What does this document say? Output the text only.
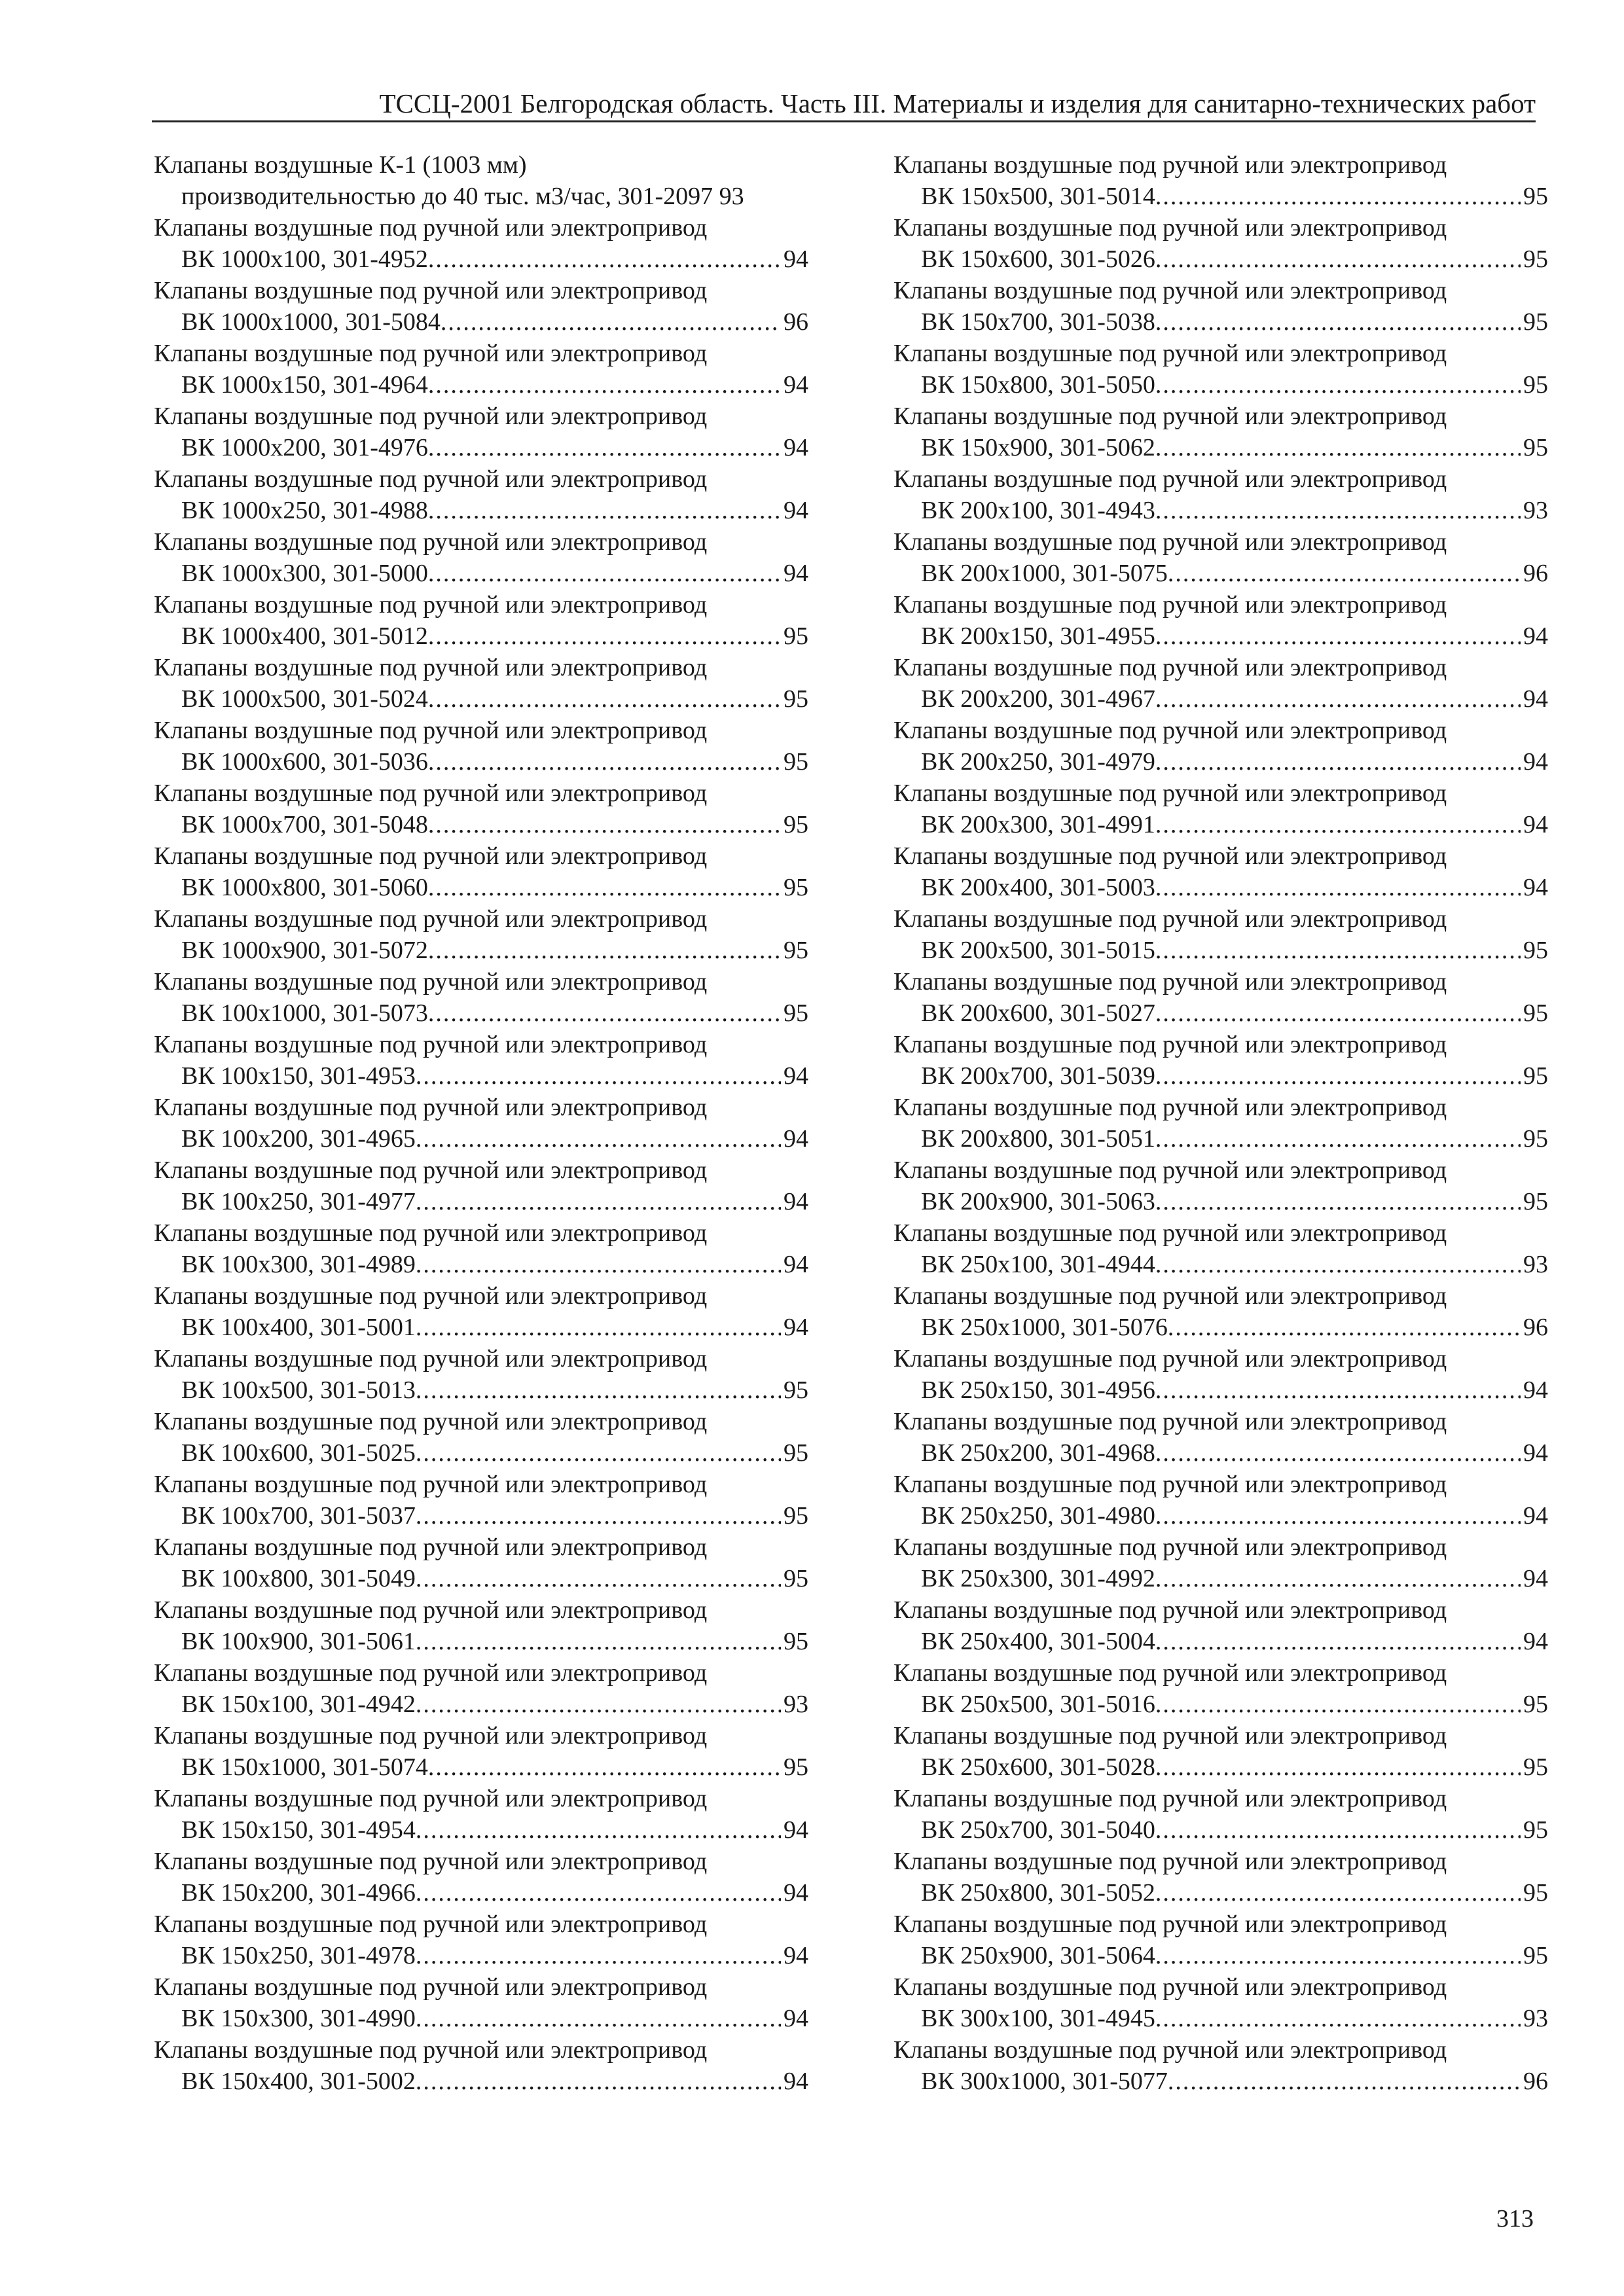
ТССЦ-2001 Белгородская область. Часть III. Материалы и изделия для санитарно-технических работ
Клапаны воздушные К-1 (1003 мм)
производительностью до 40 тыс. м3/час, 301-2097 93
Клапаны воздушные под ручной или электропривод
ВК 1000х100, 301-4952 .....	94
Клапаны воздушные под ручной или электропривод
ВК 1000х1000, 301-5084 .....	96
Клапаны воздушные под ручной или электропривод
ВК 1000х150, 301-4964 .....	94
Клапаны воздушные под ручной или электропривод
ВК 1000х200, 301-4976 .....	94
Клапаны воздушные под ручной или электропривод
ВК 1000х250, 301-4988 .....	94
Клапаны воздушные под ручной или электропривод
ВК 1000х300, 301-5000 .....	94
Клапаны воздушные под ручной или электропривод
ВК 1000х400, 301-5012 .....	95
Клапаны воздушные под ручной или электропривод
ВК 1000х500, 301-5024 .....	95
Клапаны воздушные под ручной или электропривод
ВК 1000х600, 301-5036 .....	95
Клапаны воздушные под ручной или электропривод
ВК 1000х700, 301-5048 .....	95
Клапаны воздушные под ручной или электропривод
ВК 1000х800, 301-5060 .....	95
Клапаны воздушные под ручной или электропривод
ВК 1000х900, 301-5072 .....	95
Клапаны воздушные под ручной или электропривод
ВК 100х1000, 301-5073 .....	95
Клапаны воздушные под ручной или электропривод
ВК 100х150, 301-4953 .....	94
Клапаны воздушные под ручной или электропривод
ВК 100х200, 301-4965 .....	94
Клапаны воздушные под ручной или электропривод
ВК 100х250, 301-4977 .....	94
Клапаны воздушные под ручной или электропривод
ВК 100х300, 301-4989 .....	94
Клапаны воздушные под ручной или электропривод
ВК 100х400, 301-5001 .....	94
Клапаны воздушные под ручной или электропривод
ВК 100х500, 301-5013 .....	95
Клапаны воздушные под ручной или электропривод
ВК 100х600, 301-5025 .....	95
Клапаны воздушные под ручной или электропривод
ВК 100х700, 301-5037 .....	95
Клапаны воздушные под ручной или электропривод
ВК 100х800, 301-5049 .....	95
Клапаны воздушные под ручной или электропривод
ВК 100х900, 301-5061 .....	95
Клапаны воздушные под ручной или электропривод
ВК 150х100, 301-4942 .....	93
Клапаны воздушные под ручной или электропривод
ВК 150х1000, 301-5074 .....	95
Клапаны воздушные под ручной или электропривод
ВК 150х150, 301-4954 .....	94
Клапаны воздушные под ручной или электропривод
ВК 150х200, 301-4966 .....	94
Клапаны воздушные под ручной или электропривод
ВК 150х250, 301-4978 .....	94
Клапаны воздушные под ручной или электропривод
ВК 150х300, 301-4990 .....	94
Клапаны воздушные под ручной или электропривод
ВК 150х400, 301-5002 .....	94
Клапаны воздушные под ручной или электропривод
ВК 150х500, 301-5014 .....	95
Клапаны воздушные под ручной или электропривод
ВК 150х600, 301-5026 .....	95
Клапаны воздушные под ручной или электропривод
ВК 150х700, 301-5038 .....	95
Клапаны воздушные под ручной или электропривод
ВК 150х800, 301-5050 .....	95
Клапаны воздушные под ручной или электропривод
ВК 150х900, 301-5062 .....	95
Клапаны воздушные под ручной или электропривод
ВК 200х100, 301-4943 .....	93
Клапаны воздушные под ручной или электропривод
ВК 200х1000, 301-5075 .....	96
Клапаны воздушные под ручной или электропривод
ВК 200х150, 301-4955 .....	94
Клапаны воздушные под ручной или электропривод
ВК 200х200, 301-4967 .....	94
Клапаны воздушные под ручной или электропривод
ВК 200х250, 301-4979 .....	94
Клапаны воздушные под ручной или электропривод
ВК 200х300, 301-4991 .....	94
Клапаны воздушные под ручной или электропривод
ВК 200х400, 301-5003 .....	94
Клапаны воздушные под ручной или электропривод
ВК 200х500, 301-5015 .....	95
Клапаны воздушные под ручной или электропривод
ВК 200х600, 301-5027 .....	95
Клапаны воздушные под ручной или электропривод
ВК 200х700, 301-5039 .....	95
Клапаны воздушные под ручной или электропривод
ВК 200х800, 301-5051 .....	95
Клапаны воздушные под ручной или электропривод
ВК 200х900, 301-5063 .....	95
Клапаны воздушные под ручной или электропривод
ВК 250х100, 301-4944 .....	93
Клапаны воздушные под ручной или электропривод
ВК 250х1000, 301-5076 .....	96
Клапаны воздушные под ручной или электропривод
ВК 250х150, 301-4956 .....	94
Клапаны воздушные под ручной или электропривод
ВК 250х200, 301-4968 .....	94
Клапаны воздушные под ручной или электропривод
ВК 250х250, 301-4980 .....	94
Клапаны воздушные под ручной или электропривод
ВК 250х300, 301-4992 .....	94
Клапаны воздушные под ручной или электропривод
ВК 250х400, 301-5004 .....	94
Клапаны воздушные под ручной или электропривод
ВК 250х500, 301-5016 .....	95
Клапаны воздушные под ручной или электропривод
ВК 250х600, 301-5028 .....	95
Клапаны воздушные под ручной или электропривод
ВК 250х700, 301-5040 .....	95
Клапаны воздушные под ручной или электропривод
ВК 250х800, 301-5052 .....	95
Клапаны воздушные под ручной или электропривод
ВК 250х900, 301-5064 .....	95
Клапаны воздушные под ручной или электропривод
ВК 300х100, 301-4945 .....	93
Клапаны воздушные под ручной или электропривод
ВК 300х1000, 301-5077 .....	96
313
